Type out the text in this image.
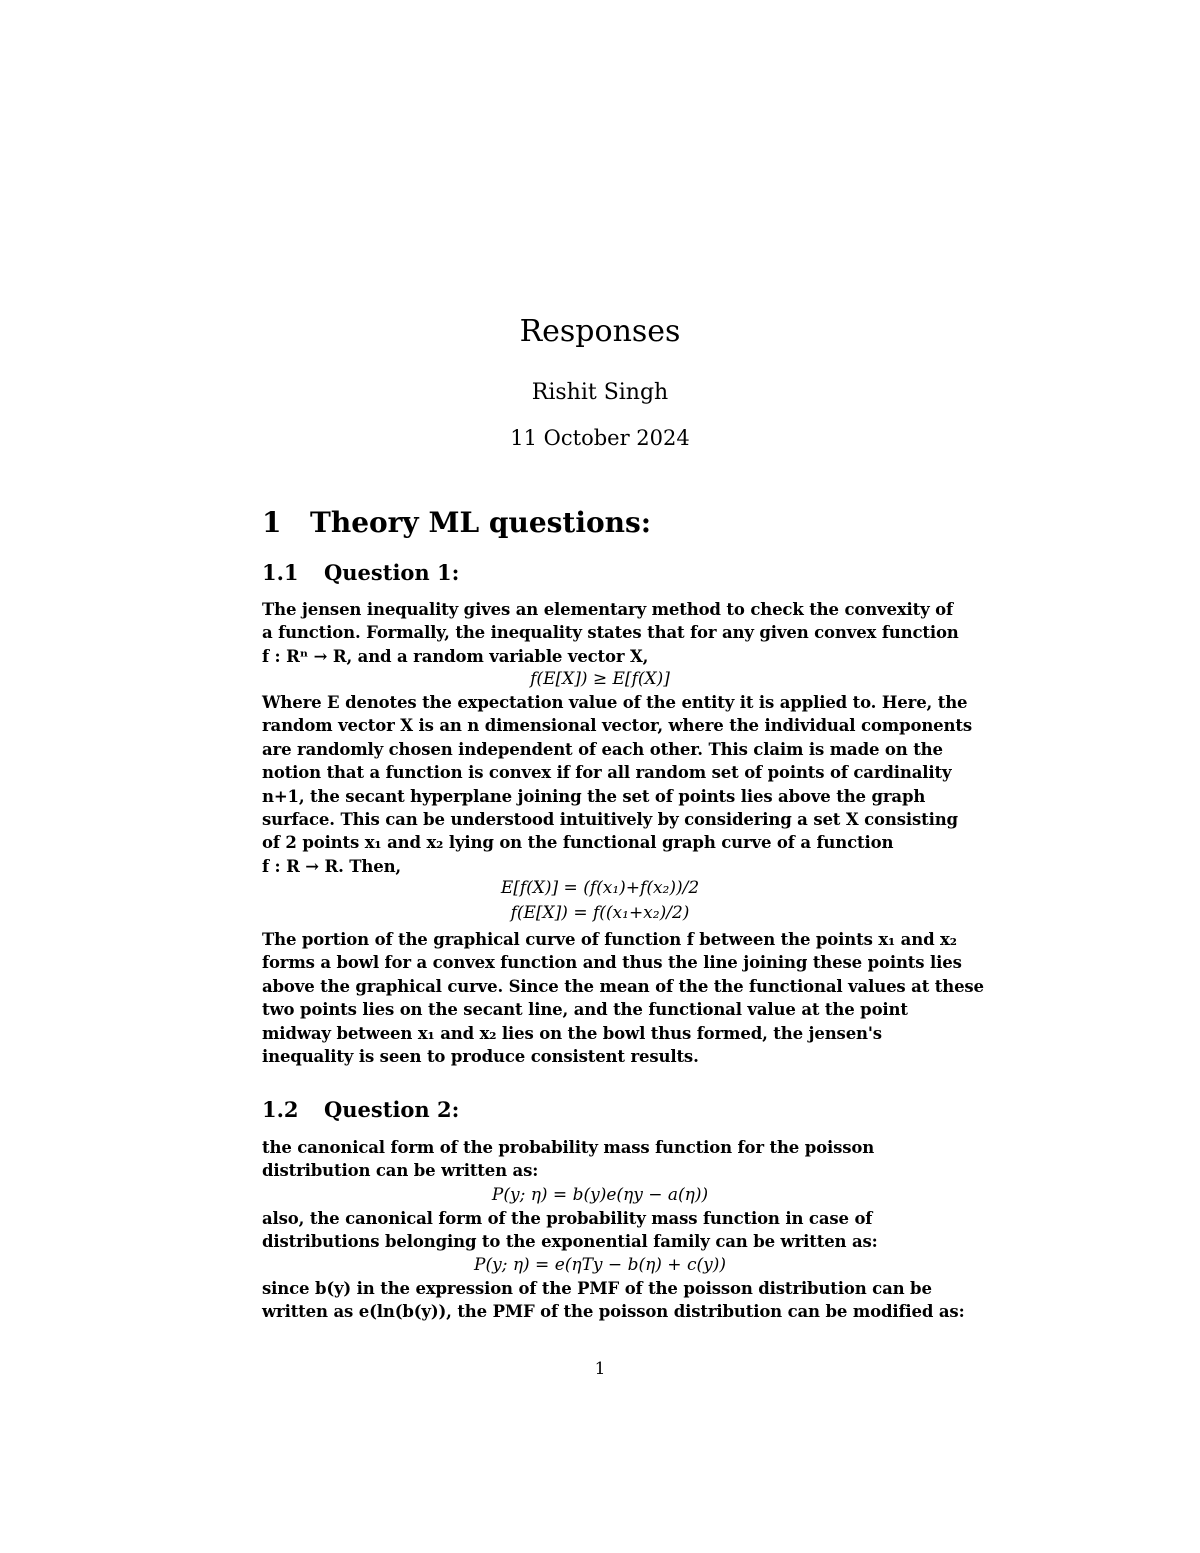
Responses
Rishit Singh
11 October 2024
1 Theory ML questions:
1.1 Question 1:
The jensen inequality gives an elementary method to check the convexity of
a function. Formally, the inequality states that for any given convex function
f : Rⁿ → R, and a random variable vector X,
f(E[X]) ≥ E[f(X)]
Where E denotes the expectation value of the entity it is applied to. Here, the
random vector X is an n dimensional vector, where the individual components
are randomly chosen independent of each other. This claim is made on the
notion that a function is convex if for all random set of points of cardinality
n+1, the secant hyperplane joining the set of points lies above the graph
surface. This can be understood intuitively by considering a set X consisting
of 2 points x₁ and x₂ lying on the functional graph curve of a function
f : R → R. Then,
E[f(X)] = (f(x₁)+f(x₂))/2
f(E[X]) = f((x₁+x₂)/2)
The portion of the graphical curve of function f between the points x₁ and x₂
forms a bowl for a convex function and thus the line joining these points lies
above the graphical curve. Since the mean of the the functional values at these
two points lies on the secant line, and the functional value at the point
midway between x₁ and x₂ lies on the bowl thus formed, the jensen's
inequality is seen to produce consistent results.
1.2 Question 2:
the canonical form of the probability mass function for the poisson
distribution can be written as:
P(y; η) = b(y)e(ηy − a(η))
also, the canonical form of the probability mass function in case of
distributions belonging to the exponential family can be written as:
P(y; η) = e(ηTy − b(η) + c(y))
since b(y) in the expression of the PMF of the poisson distribution can be
written as e(ln(b(y)), the PMF of the poisson distribution can be modified as:
1
